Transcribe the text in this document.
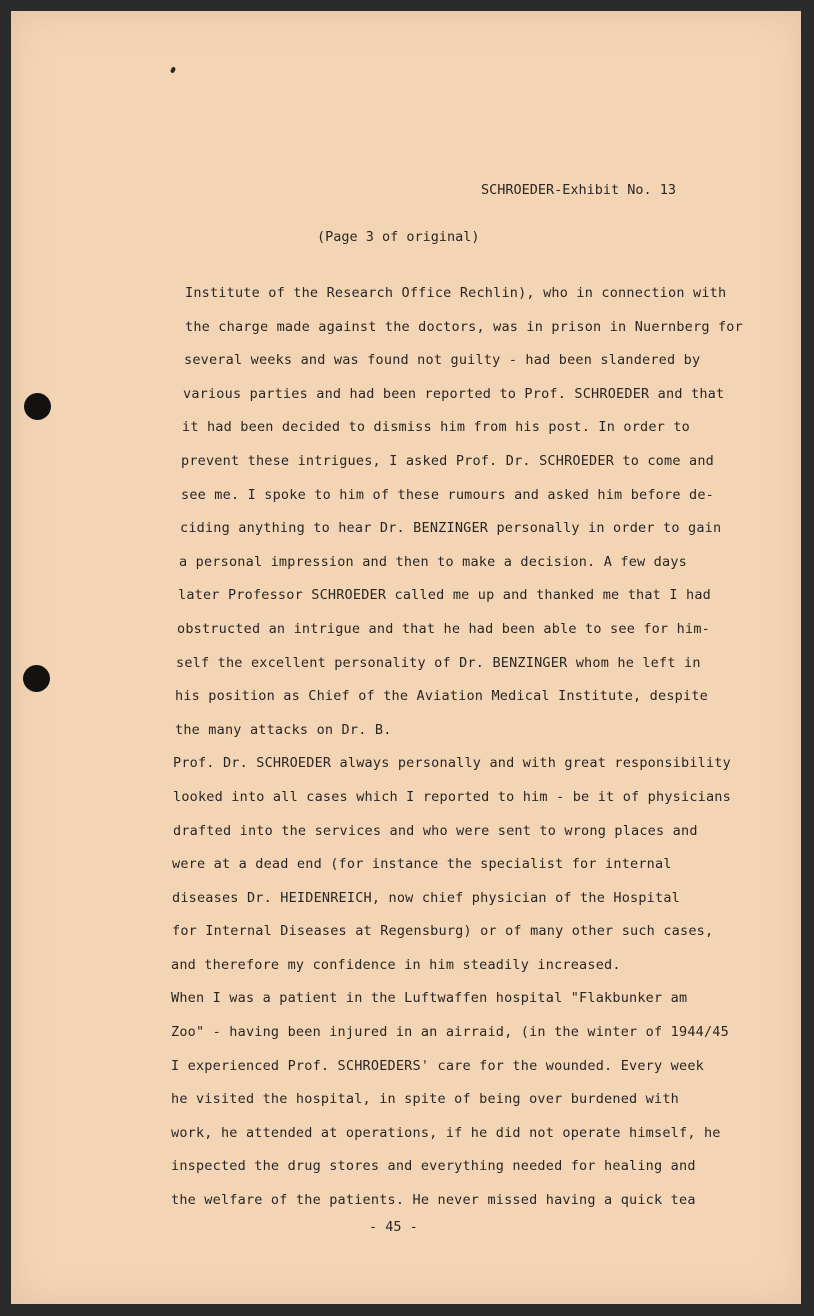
SCHROEDER-Exhibit No. 13
(Page 3 of original)
Institute of the Research Office Rechlin), who in connection with
the charge made against the doctors, was in prison in Nuernberg for
several weeks and was found not guilty - had been slandered by
various parties and had been reported to Prof. SCHROEDER and that
it had been decided to dismiss him from his post. In order to
prevent these intrigues, I asked Prof. Dr. SCHROEDER to come and
see me. I spoke to him of these rumours and asked him before de-
ciding anything to hear Dr. BENZINGER personally in order to gain
a personal impression and then to make a decision. A few days
later Professor SCHROEDER called me up and thanked me that I had
obstructed an intrigue and that he had been able to see for him-
self the excellent personality of Dr. BENZINGER whom he left in
his position as Chief of the Aviation Medical Institute, despite
the many attacks on Dr. B.
Prof. Dr. SCHROEDER always personally and with great responsibility
looked into all cases which I reported to him - be it of physicians
drafted into the services and who were sent to wrong places and
were at a dead end (for instance the specialist for internal
diseases Dr. HEIDENREICH, now chief physician of the Hospital
for Internal Diseases at Regensburg) or of many other such cases,
and therefore my confidence in him steadily increased.
When I was a patient in the Luftwaffen hospital "Flakbunker am
Zoo" - having been injured in an airraid, (in the winter of 1944/45
I experienced Prof. SCHROEDERS' care for the wounded. Every week
he visited the hospital, in spite of being over burdened with
work, he attended at operations, if he did not operate himself, he
inspected the drug stores and everything needed for healing and
the welfare of the patients. He never missed having a quick tea
- 45 -
